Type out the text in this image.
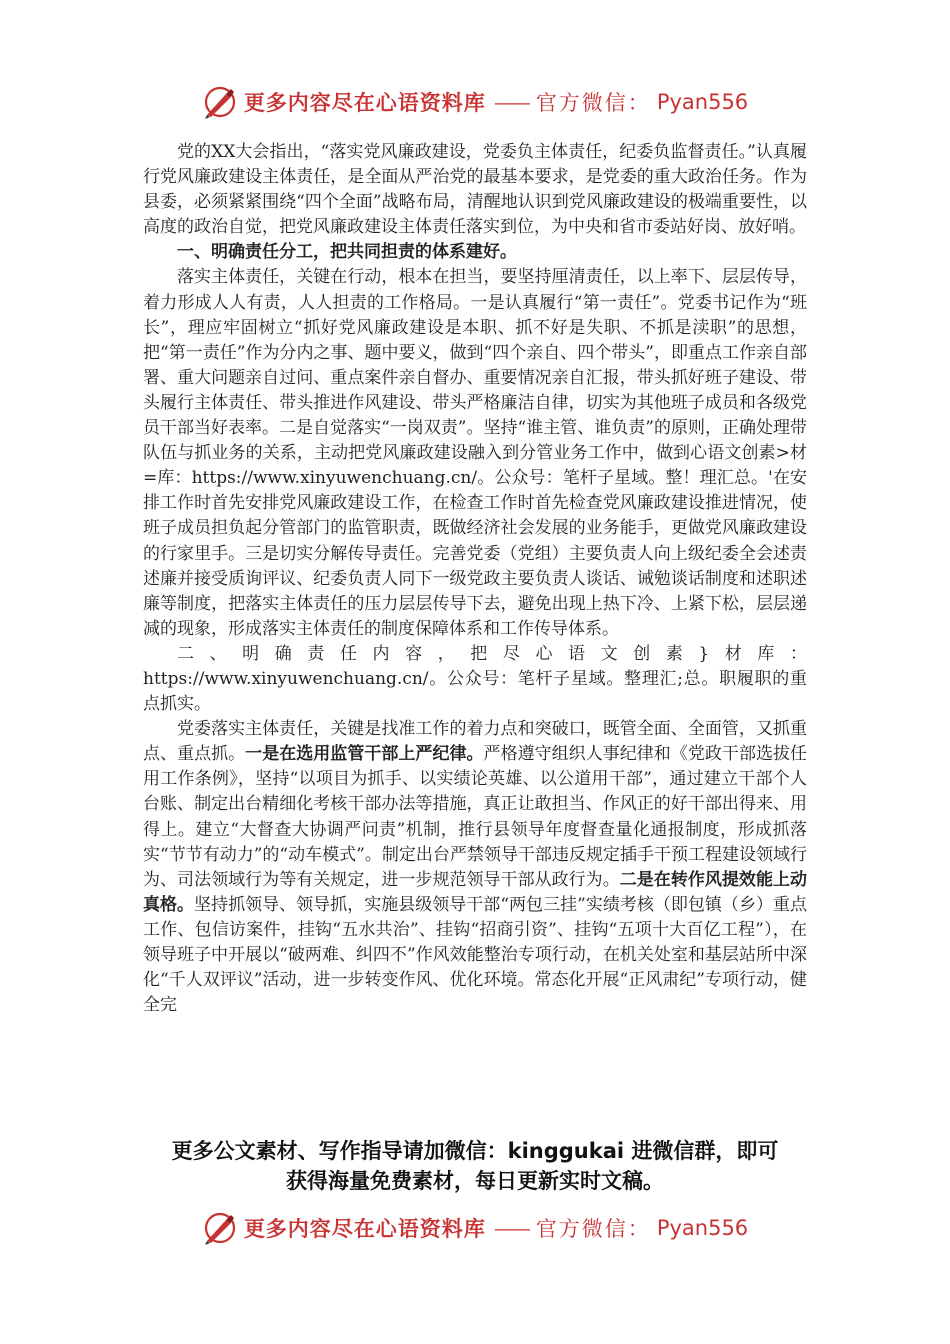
更多内容尽在心语资料库 —— 官方微信： Pyan556

党的XX大会指出，“落实党风廉政建设，党委负主体责任，纪委负监督责任。”认真履行党风廉政建设主体责任，是全面从严治党的最基本要求，是党委的重大政治任务。作为县委，必须紧紧围绕“四个全面”战略布局，清醒地认识到党风廉政建设的极端重要性，以高度的政治自觉，把党风廉政建设主体责任落实到位，为中央和省市委站好岗、放好哨。

一、明确责任分工，把共同担责的体系建好。

落实主体责任，关键在行动，根本在担当，要坚持厘清责任，以上率下、层层传导，着力形成人人有责，人人担责的工作格局。一是认真履行“第一责任”。党委书记作为“班长”，理应牢固树立“抓好党风廉政建设是本职、抓不好是失职、不抓是渎职”的思想，把“第一责任”作为分内之事、题中要义，做到“四个亲自、四个带头”，即重点工作亲自部署、重大问题亲自过问、重点案件亲自督办、重要情况亲自汇报，带头抓好班子建设、带头履行主体责任、带头推进作风建设、带头严格廉洁自律，切实为其他班子成员和各级党员干部当好表率。二是自觉落实“一岗双责”。坚持“谁主管、谁负责”的原则，正确处理带队伍与抓业务的关系，主动把党风廉政建设融入到分管业务工作中，做到心语文创素>材=库：https://www.xinyuwenchuang.cn/。公众号：笔杆子星域。整！理汇总。'在安排工作时首先安排党风廉政建设工作，在检查工作时首先检查党风廉政建设推进情况，使班子成员担负起分管部门的监管职责，既做经济社会发展的业务能手，更做党风廉政建设的行家里手。三是切实分解传导责任。完善党委（党组）主要负责人向上级纪委全会述责述廉并接受质询评议、纪委负责人同下一级党政主要负责人谈话、诫勉谈话制度和述职述廉等制度，把落实主体责任的压力层层传导下去，避免出现上热下冷、上紧下松，层层递减的现象，形成落实主体责任的制度保障体系和工作传导体系。

二、明确责任内容，把尽心语文创素}材库：https://www.xinyuwenchuang.cn/。公众号：笔杆子星域。整理汇;总。职履职的重点抓实。

党委落实主体责任，关键是找准工作的着力点和突破口，既管全面、全面管，又抓重点、重点抓。一是在选用监管干部上严纪律。严格遵守组织人事纪律和《党政干部选拔任用工作条例》，坚持“以项目为抓手、以实绩论英雄、以公道用干部”，通过建立干部个人台账、制定出台精细化考核干部办法等措施，真正让敢担当、作风正的好干部出得来、用得上。建立“大督查大协调严问责”机制，推行县领导年度督查量化通报制度，形成抓落实“节节有动力”的“动车模式”。制定出台严禁领导干部违反规定插手干预工程建设领域行为、司法领域行为等有关规定，进一步规范领导干部从政行为。二是在转作风提效能上动真格。坚持抓领导、领导抓，实施县级领导干部“两包三挂”实绩考核（即包镇（乡）重点工作、包信访案件，挂钩“五水共治”、挂钩“招商引资”、挂钩“五项十大百亿工程”），在领导班子中开展以“破两难、纠四不”作风效能整治专项行动，在机关处室和基层站所中深化“千人双评议”活动，进一步转变作风、优化环境。常态化开展“正风肃纪”专项行动，健全完

更多公文素材、写作指导请加微信：kinggukai 进微信群，即可
获得海量免费素材，每日更新实时文稿。
更多内容尽在心语资料库 —— 官方微信： Pyan556
